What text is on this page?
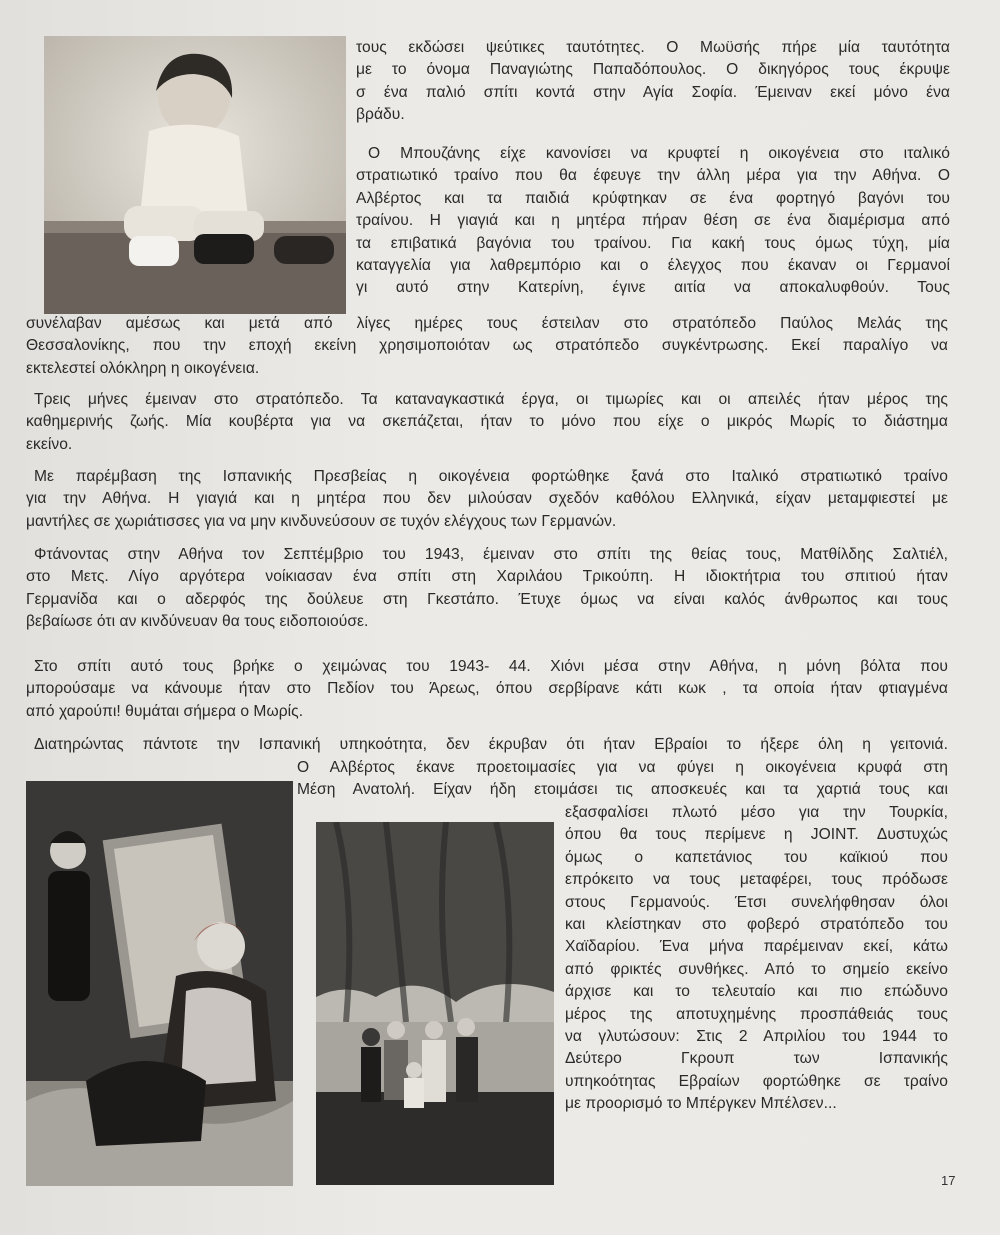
τους εκδώσει ψεύτικες ταυτότητες. Ο Μωϋσής πήρε μία ταυτότητα
με το όνομα Παναγιώτης Παπαδόπουλος. Ο δικηγόρος τους έκρυψε
σ ένα παλιό σπίτι κοντά στην Αγία Σοφία. Έμειναν εκεί μόνο ένα
βράδυ.
Ο Μπουζάνης είχε κανονίσει να κρυφτεί η οικογένεια στο ιταλικό
στρατιωτικό τραίνο που θα έφευγε την άλλη μέρα για την Αθήνα. Ο
Αλβέρτος και τα παιδιά κρύφτηκαν σε ένα φορτηγό βαγόνι του
τραίνου. Η γιαγιά και η μητέρα πήραν θέση σε ένα διαμέρισμα από
τα επιβατικά βαγόνια του τραίνου. Για κακή τους όμως τύχη, μία
καταγγελία για λαθρεμπόριο και ο έλεγχος που έκαναν οι Γερμανοί
γι αυτό στην Κατερίνη, έγινε αιτία να αποκαλυφθούν. Τους
συνέλαβαν αμέσως και μετά από λίγες ημέρες τους έστειλαν στο στρατόπεδο Παύλος Μελάς της
Θεσσαλονίκης, που την εποχή εκείνη χρησιμοποιόταν ως στρατόπεδο συγκέντρωσης. Εκεί παραλίγο να
εκτελεστεί ολόκληρη η οικογένεια.
Τρεις μήνες έμειναν στο στρατόπεδο. Τα καταναγκαστικά έργα, οι τιμωρίες και οι απειλές ήταν μέρος της
καθημερινής ζωής. Μία κουβέρτα για να σκεπάζεται, ήταν το μόνο που είχε ο μικρός Μωρίς το διάστημα
εκείνο.
Με παρέμβαση της Ισπανικής Πρεσβείας η οικογένεια φορτώθηκε ξανά στο Ιταλικό στρατιωτικό τραίνο
για την Αθήνα. Η γιαγιά και η μητέρα που δεν μιλούσαν σχεδόν καθόλου Ελληνικά, είχαν μεταμφιεστεί με
μαντήλες σε χωριάτισσες για να μην κινδυνεύσουν σε τυχόν ελέγχους των Γερμανών.
Φτάνοντας στην Αθήνα τον Σεπτέμβριο του 1943, έμειναν στο σπίτι της θείας τους, Ματθίλδης Σαλτιέλ,
στο Μετς. Λίγο αργότερα νοίκιασαν ένα σπίτι στη Χαριλάου Τρικούπη. Η ιδιοκτήτρια του σπιτιού ήταν
Γερμανίδα και ο αδερφός της δούλευε στη Γκεστάπο. Έτυχε όμως να είναι καλός άνθρωπος και τους
βεβαίωσε ότι αν κινδύνευαν θα τους ειδοποιούσε.
Στο σπίτι αυτό τους βρήκε ο χειμώνας του 1943- 44. Χιόνι μέσα στην Αθήνα, η μόνη βόλτα που
μπορούσαμε να κάνουμε ήταν στο Πεδίον του Άρεως, όπου σερβίρανε κάτι κωκ , τα οποία ήταν φτιαγμένα
από χαρούπι! θυμάται σήμερα ο Μωρίς.
Διατηρώντας πάντοτε την Ισπανική υπηκοότητα, δεν έκρυβαν ότι ήταν Εβραίοι το ήξερε όλη η γειτονιά.
Ο Αλβέρτος έκανε προετοιμασίες για να φύγει η οικογένεια κρυφά στη
Μέση Ανατολή. Είχαν ήδη ετοιμάσει τις αποσκευές και τα χαρτιά τους και
εξασφαλίσει πλωτό μέσο για την Τουρκία,
όπου θα τους περίμενε η JOINT. Δυστυχώς
όμως ο καπετάνιος του καϊκιού που
επρόκειτο να τους μεταφέρει, τους πρόδωσε
στους Γερμανούς. Έτσι συνελήφθησαν όλοι
και κλείστηκαν στο φοβερό στρατόπεδο του
Χαϊδαρίου. Ένα μήνα παρέμειναν εκεί, κάτω
από φρικτές συνθήκες. Από το σημείο εκείνο
άρχισε και το τελευταίο και πιο επώδυνο
μέρος της αποτυχημένης προσπάθειάς τους
να γλυτώσουν: Στις 2 Απριλίου του 1944 το
Δεύτερο Γκρουπ των Ισπανικής
υπηκοότητας Εβραίων φορτώθηκε σε τραίνο
με προορισμό το Μπέργκεν Μπέλσεν...
17
